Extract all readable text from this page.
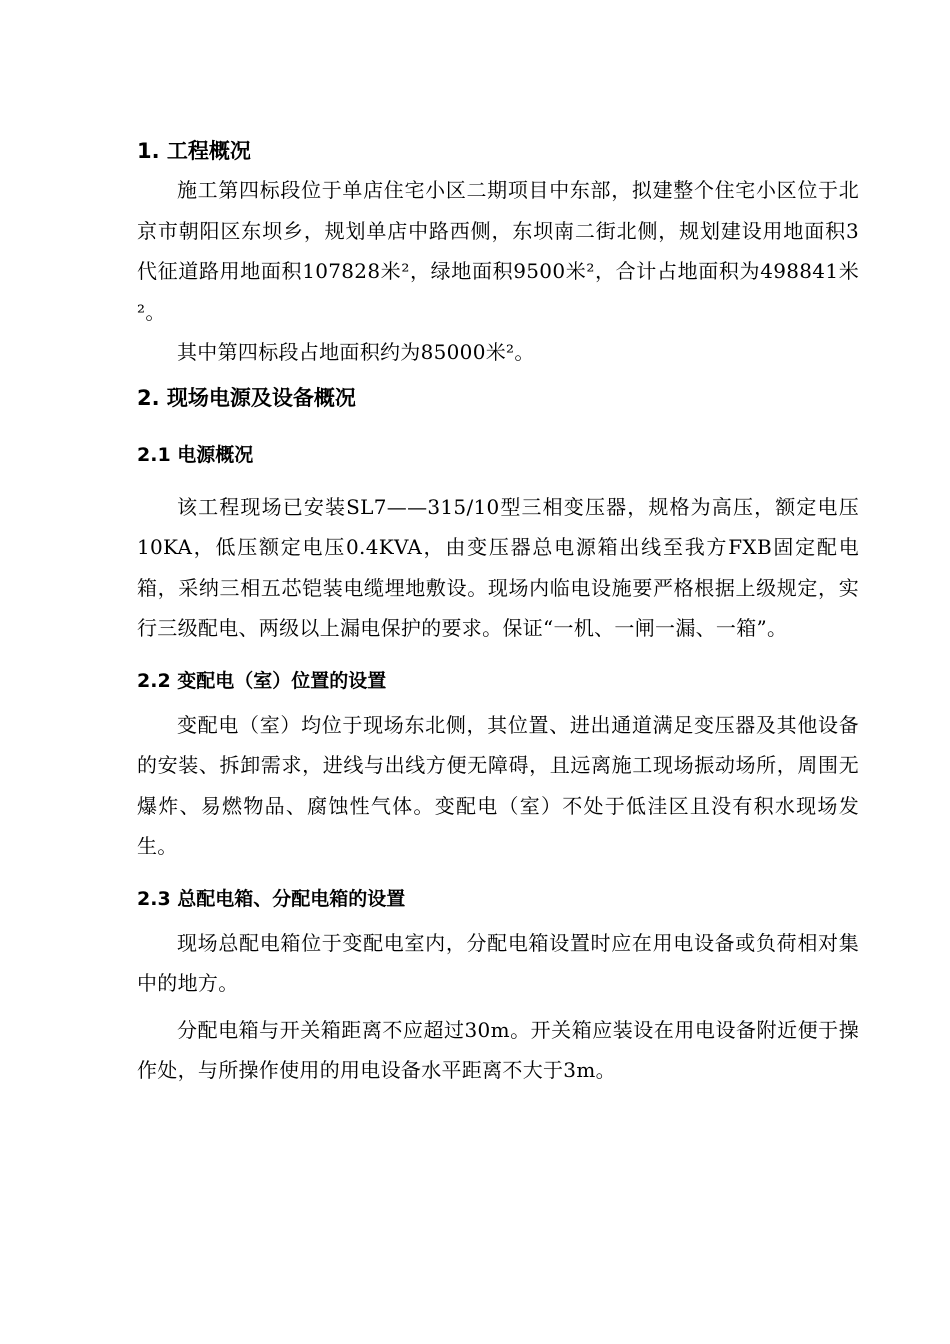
1. 工程概况

施工第四标段位于单店住宅小区二期项目中东部，拟建整个住宅小区位于北京市朝阳区东坝乡，规划单店中路西侧，东坝南二街北侧，规划建设用地面积3代征道路用地面积107828米²，绿地面积9500米²，合计占地面积为498841米²。

其中第四标段占地面积约为85000米²。

2. 现场电源及设备概况
2.1 电源概况

该工程现场已安装SL7——315/10型三相变压器，规格为高压，额定电压10KA，低压额定电压0.4KVA，由变压器总电源箱出线至我方FXB固定配电箱，采纳三相五芯铠装电缆埋地敷设。现场内临电设施要严格根据上级规定，实行三级配电、两级以上漏电保护的要求。保证“一机、一闸一漏、一箱”。

2.2 变配电（室）位置的设置

变配电（室）均位于现场东北侧，其位置、进出通道满足变压器及其他设备的安装、拆卸需求，进线与出线方便无障碍，且远离施工现场振动场所，周围无爆炸、易燃物品、腐蚀性气体。变配电（室）不处于低洼区且没有积水现场发生。

2.3 总配电箱、分配电箱的设置

现场总配电箱位于变配电室内，分配电箱设置时应在用电设备或负荷相对集中的地方。

分配电箱与开关箱距离不应超过30m。开关箱应装设在用电设备附近便于操作处，与所操作使用的用电设备水平距离不大于3m。
